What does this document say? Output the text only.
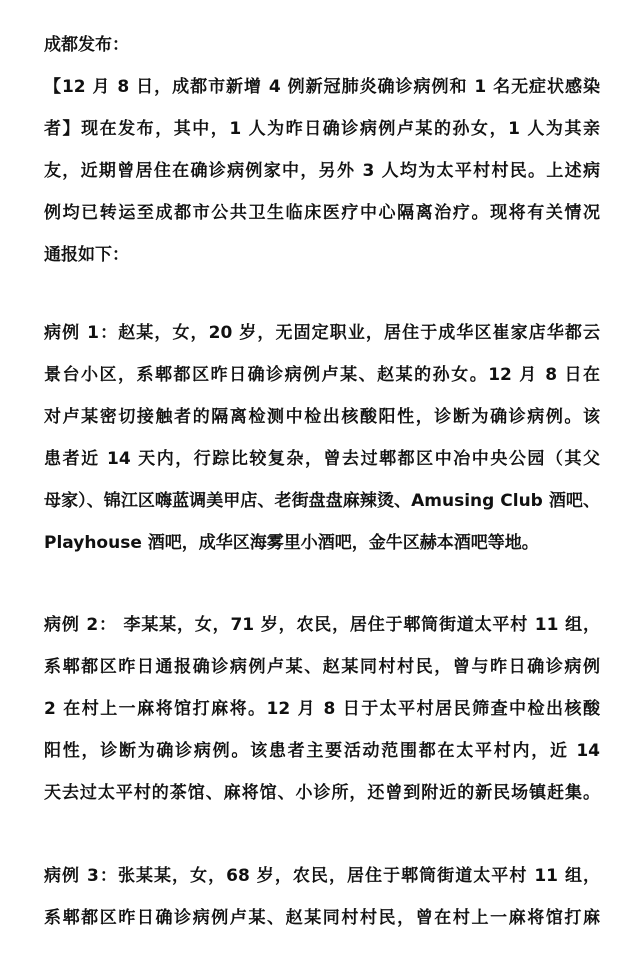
成都发布：
【12 月 8 日，成都市新增 4 例新冠肺炎确诊病例和 1 名无症状感染
者】现在发布，其中，1 人为昨日确诊病例卢某的孙女，1 人为其亲
友，近期曾居住在确诊病例家中，另外 3 人均为太平村村民。上述病
例均已转运至成都市公共卫生临床医疗中心隔离治疗。现将有关情况
通报如下：
病例 1：赵某，女，20 岁，无固定职业，居住于成华区崔家店华都云
景台小区，系郫都区昨日确诊病例卢某、赵某的孙女。12 月 8 日在
对卢某密切接触者的隔离检测中检出核酸阳性，诊断为确诊病例。该
患者近 14 天内，行踪比较复杂，曾去过郫都区中冶中央公园（其父
母家）、锦江区嗨蓝调美甲店、老街盘盘麻辣烫、Amusing Club 酒吧、
Playhouse 酒吧，成华区海雾里小酒吧，金牛区赫本酒吧等地。
病例 2： 李某某，女，71 岁，农民，居住于郫筒街道太平村 11 组，
系郫都区昨日通报确诊病例卢某、赵某同村村民，曾与昨日确诊病例
2 在村上一麻将馆打麻将。12 月 8 日于太平村居民筛查中检出核酸
阳性，诊断为确诊病例。该患者主要活动范围都在太平村内，近 14
天去过太平村的茶馆、麻将馆、小诊所，还曾到附近的新民场镇赶集。
病例 3：张某某，女，68 岁，农民，居住于郫筒街道太平村 11 组，
系郫都区昨日确诊病例卢某、赵某同村村民，曾在村上一麻将馆打麻
